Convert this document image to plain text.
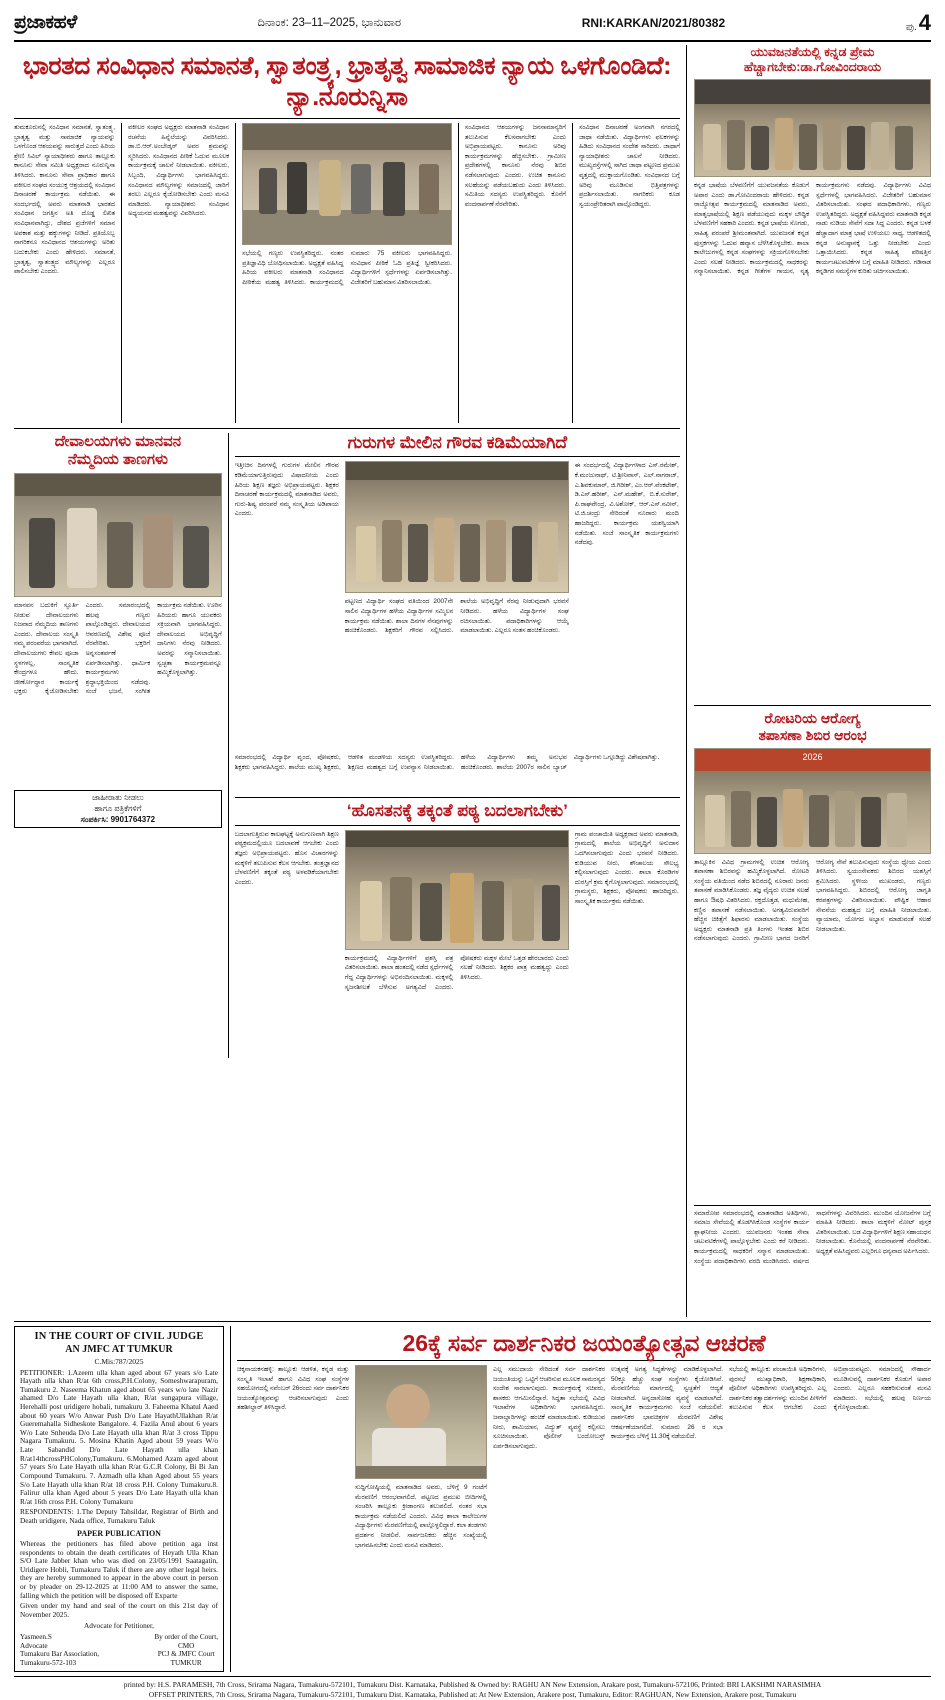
ಪ್ರಜಾಕಹಳೆ	ದಿನಾಂಕ: 23–11–2025, ಭಾನುವಾರ	RNI:KARKAN/2021/80382	ಪು. 4
ಭಾರತದ ಸಂವಿಧಾನ ಸಮಾನತೆ, ಸ್ವಾತಂತ್ರ್ಯ, ಭ್ರಾತೃತ್ವ ಸಾಮಾಜಿಕ ನ್ಯಾಯ ಒಳಗೊಂಡಿದೆ: ನ್ಯಾ.ನೂರುನ್ನಿಸಾ
ತುಮಕೂರುನಲ್ಲಿ ಸಂವಿಧಾನ ಸಮಾನತೆ, ಸ್ವಾತಂತ್ರ್ಯ, ಭ್ರಾತೃತ್ವ ಮತ್ತು ಸಾಮಾಜಿಕ ನ್ಯಾಯವನ್ನು ಒಳಗೊಂಡ ಆಶಯವನ್ನು ಸಾರುತ್ತದೆ ಎಂದು ಹಿರಿಯ ಶ್ರೇಣಿ ಸಿವಿಲ್ ನ್ಯಾಯಾಧೀಶರು ಹಾಗೂ ತಾಲ್ಲೂಕು ಕಾನೂನು ಸೇವಾ ಸಮಿತಿ ಅಧ್ಯಕ್ಷರಾದ ನೂರುನ್ನಿಸಾ ತಿಳಿಸಿದರು. ಕಾನೂನು ಸೇವಾ ಪ್ರಾಧಿಕಾರ ಹಾಗೂ ವಕೀಲರ ಸಂಘದ ಸಂಯುಕ್ತ ಆಶ್ರಯದಲ್ಲಿ ಸಂವಿಧಾನ ದಿನಾಚರಣೆ ಕಾರ್ಯಕ್ರಮ ನಡೆಯಿತು. ಈ ಸಂದರ್ಭದಲ್ಲಿ ಅವರು ಮಾತನಾಡಿ ಭಾರತದ ಸಂವಿಧಾನ ಜಗತ್ತಿನ ಅತಿ ದೊಡ್ಡ ಲಿಖಿತ ಸಂವಿಧಾನವಾಗಿದ್ದು, ದೇಶದ ಪ್ರಜೆಗಳಿಗೆ ಸಮಾನ ಅವಕಾಶ ಮತ್ತು ಹಕ್ಕುಗಳನ್ನು ನೀಡಿದೆ. ಪ್ರತಿಯೊಬ್ಬ ನಾಗರಿಕನೂ ಸಂವಿಧಾನದ ಆಶಯಗಳನ್ನು ಅರಿತು ಬದುಕಬೇಕು ಎಂದು ಹೇಳಿದರು. ಸಮಾನತೆ, ಭ್ರಾತೃತ್ವ, ಸ್ವಾತಂತ್ರ್ಯದ ಮೌಲ್ಯಗಳನ್ನು ಎಲ್ಲರೂ ಪಾಲಿಸಬೇಕು ಎಂದರು.
ವಕೀಲರ ಸಂಘದ ಅಧ್ಯಕ್ಷರು ಮಾತನಾಡಿ ಸಂವಿಧಾನ ರಚನೆಯ ಹಿನ್ನೆಲೆಯನ್ನು ವಿವರಿಸಿದರು. ಡಾ.ಬಿ.ಆರ್.ಅಂಬೇಡ್ಕರ್ ಅವರ ಶ್ರಮವನ್ನು ಸ್ಮರಿಸಿದರು. ಸಂವಿಧಾನದ ಪೀಠಿಕೆ ಓದುವ ಮೂಲಕ ಕಾರ್ಯಕ್ರಮಕ್ಕೆ ಚಾಲನೆ ನೀಡಲಾಯಿತು. ವಕೀಲರು, ಸಿಬ್ಬಂದಿ, ವಿದ್ಯಾರ್ಥಿಗಳು ಭಾಗವಹಿಸಿದ್ದರು. ಸಂವಿಧಾನದ ಮೌಲ್ಯಗಳನ್ನು ಸಮಾಜದಲ್ಲಿ ಜಾರಿಗೆ ತರಲು ಎಲ್ಲರೂ ಕೈಜೋಡಿಸಬೇಕು ಎಂದು ಮನವಿ ಮಾಡಿದರು. ನ್ಯಾಯಾಧೀಶರು ಸಂವಿಧಾನ ಅಧ್ಯಯನದ ಮಹತ್ವವನ್ನು ವಿವರಿಸಿದರು.
ಸಭೆಯಲ್ಲಿ ಗಣ್ಯರು ಉಪಸ್ಥಿತರಿದ್ದರು. ನಂತರ ಪ್ರತಿಜ್ಞಾವಿಧಿ ಬೋಧಿಸಲಾಯಿತು. ಅಧ್ಯಕ್ಷತೆ ವಹಿಸಿದ್ದ ಹಿರಿಯ ವಕೀಲರು ಮಾತನಾಡಿ ಸಂವಿಧಾನದ ಪೀಠಿಕೆಯ ಮಹತ್ವ ತಿಳಿಸಿದರು. ಕಾರ್ಯಕ್ರಮದಲ್ಲಿ ಸುಮಾರು 75 ವಕೀಲರು ಭಾಗವಹಿಸಿದ್ದರು. ಸಂವಿಧಾನ ಪೀಠಿಕೆ ಓದಿ ಪ್ರತಿಜ್ಞೆ ಸ್ವೀಕರಿಸಿದರು. ವಿದ್ಯಾರ್ಥಿಗಳಿಗೆ ಸ್ಪರ್ಧೆಗಳನ್ನು ಏರ್ಪಡಿಸಲಾಗಿತ್ತು. ವಿಜೇತರಿಗೆ ಬಹುಮಾನ ವಿತರಿಸಲಾಯಿತು.
ಸಂವಿಧಾನದ ಆಶಯಗಳನ್ನು ಜನಸಾಮಾನ್ಯರಿಗೆ ತಲುಪಿಸುವ ಕೆಲಸವಾಗಬೇಕು ಎಂದು ಅಭಿಪ್ರಾಯಪಟ್ಟರು. ಕಾನೂನು ಅರಿವು ಕಾರ್ಯಕ್ರಮಗಳನ್ನು ಹೆಚ್ಚಿಸಬೇಕು. ಗ್ರಾಮೀಣ ಪ್ರದೇಶಗಳಲ್ಲಿ ಕಾನೂನು ನೆರವು ಶಿಬಿರ ನಡೆಸಲಾಗುವುದು ಎಂದರು. ಉಚಿತ ಕಾನೂನು ಸಲಹೆಯನ್ನು ಪಡೆಯಬಹುದು ಎಂದು ತಿಳಿಸಿದರು. ಸಮಿತಿಯ ಸದಸ್ಯರು ಉಪಸ್ಥಿತರಿದ್ದರು. ಕೊನೆಗೆ ವಂದನಾರ್ಪಣೆ ನೆರವೇರಿತು.
ಸಂವಿಧಾನ ದಿನಾಚರಣೆ ಅಂಗವಾಗಿ ನಗರದಲ್ಲಿ ಜಾಥಾ ನಡೆಯಿತು. ವಿದ್ಯಾರ್ಥಿಗಳು ಫಲಕಗಳನ್ನು ಹಿಡಿದು ಸಂವಿಧಾನದ ಸಂದೇಶ ಸಾರಿದರು. ಜಾಥಾಗೆ ನ್ಯಾಯಾಧೀಶರು ಚಾಲನೆ ನೀಡಿದರು. ಮುಖ್ಯರಸ್ತೆಗಳಲ್ಲಿ ಸಾಗಿದ ಜಾಥಾ ಪಟ್ಟಣದ ಪ್ರಮುಖ ವೃತ್ತದಲ್ಲಿ ಮುಕ್ತಾಯಗೊಂಡಿತು. ಸಂವಿಧಾನದ ಬಗ್ಗೆ ಅರಿವು ಮೂಡಿಸುವ ಭಿತ್ತಿಪತ್ರಗಳನ್ನು ಪ್ರದರ್ಶಿಸಲಾಯಿತು. ನಾಗರಿಕರು ಕೂಡ ಸ್ವಯಂಪ್ರೇರಿತರಾಗಿ ಪಾಲ್ಗೊಂಡಿದ್ದರು.
ದೇವಾಲಯಗಳು ಮಾನವನ
ನೆಮ್ಮದಿಯ ತಾಣಗಳು
ಮಾನವನ ಬದುಕಿಗೆ ಸ್ಫೂರ್ತಿ ನೀಡುವ ದೇವಾಲಯಗಳು ನಿಜವಾದ ನೆಮ್ಮದಿಯ ತಾಣಗಳು ಎಂದರು. ದೇವಾಲಯ ಸಂಸ್ಕೃತಿ ನಮ್ಮ ಪರಂಪರೆಯ ಭಾಗವಾಗಿದೆ. ದೇವಾಲಯಗಳು ಕೇವಲ ಪೂಜಾ ಸ್ಥಳಗಳಲ್ಲ, ಸಾಂಸ್ಕೃತಿಕ ಕೇಂದ್ರಗಳೂ ಹೌದು. ಜೀರ್ಣೋದ್ಧಾರ ಕಾರ್ಯಕ್ಕೆ ಭಕ್ತರು ಕೈಜೋಡಿಸಬೇಕು ಎಂದರು. ಸಮಾರಂಭದಲ್ಲಿ ಹಲವು ಗಣ್ಯರು ಪಾಲ್ಗೊಂಡಿದ್ದರು. ದೇವಾಲಯದ ಆವರಣದಲ್ಲಿ ವಿಶೇಷ ಪೂಜೆ ನೆರವೇರಿತು. ಭಕ್ತರಿಗೆ ಅನ್ನಸಂತರ್ಪಣೆ ಏರ್ಪಡಿಸಲಾಗಿತ್ತು. ಧಾರ್ಮಿಕ ಕಾರ್ಯಕ್ರಮಗಳು ಶ್ರದ್ಧಾಭಕ್ತಿಯಿಂದ ನಡೆದವು. ಸಂಜೆ ಭಜನೆ, ಸಂಗೀತ ಕಾರ್ಯಕ್ರಮ ನಡೆಯಿತು. ಊರಿನ ಹಿರಿಯರು ಹಾಗೂ ಯುವಕರು ಸಕ್ರಿಯವಾಗಿ ಭಾಗವಹಿಸಿದ್ದರು. ದೇವಾಲಯದ ಅಭಿವೃದ್ಧಿಗೆ ದಾನಿಗಳು ನೆರವು ನೀಡಿದರು. ಅವರನ್ನು ಸನ್ಮಾನಿಸಲಾಯಿತು. ಸ್ವಚ್ಛತಾ ಕಾರ್ಯಕ್ರಮವನ್ನೂ ಹಮ್ಮಿಕೊಳ್ಳಲಾಗಿತ್ತು.
ಜಾಹೀರಾತು ನೀಡಲು
ಹಾಗೂ ಪತ್ರಿಕೆಗಳಿಗೆ
ಸಂಪರ್ಕಿಸಿ: 9901764372
ಗುರುಗಳ ಮೇಲಿನ ಗೌರವ ಕಡಿಮೆಯಾಗಿದೆ
ಇತ್ತೀಚಿನ ದಿನಗಳಲ್ಲಿ ಗುರುಗಳ ಮೇಲಿನ ಗೌರವ ಕಡಿಮೆಯಾಗುತ್ತಿರುವುದು ವಿಷಾದನೀಯ ಎಂದು ಹಿರಿಯ ಶಿಕ್ಷಣ ತಜ್ಞರು ಅಭಿಪ್ರಾಯಪಟ್ಟರು. ಶಿಕ್ಷಕರ ದಿನಾಚರಣೆ ಕಾರ್ಯಕ್ರಮದಲ್ಲಿ ಮಾತನಾಡಿದ ಅವರು, ಗುರು-ಶಿಷ್ಯ ಪರಂಪರೆ ನಮ್ಮ ಸಂಸ್ಕೃತಿಯ ಅಡಿಪಾಯ ಎಂದರು.
ಪಟ್ಟಣದ ವಿದ್ಯಾರ್ಥಿ ಸಂಘದ ವತಿಯಿಂದ 2007ನೇ ಸಾಲಿನ ವಿದ್ಯಾರ್ಥಿಗಳ ಹಳೆಯ ವಿದ್ಯಾರ್ಥಿಗಳ ಸಮ್ಮಿಲನ ಕಾರ್ಯಕ್ರಮ ನಡೆಯಿತು. ಶಾಲಾ ದಿನಗಳ ನೆನಪುಗಳನ್ನು ಹಂಚಿಕೊಂಡರು. ಶಿಕ್ಷಕರಿಗೆ ಗೌರವ ಸಲ್ಲಿಸಿದರು. ಶಾಲೆಯ ಅಭಿವೃದ್ಧಿಗೆ ನೆರವು ನೀಡುವುದಾಗಿ ಭರವಸೆ ನೀಡಿದರು. ಹಳೆಯ ವಿದ್ಯಾರ್ಥಿಗಳ ಸಂಘ ರಚಿಸಲಾಯಿತು. ಪದಾಧಿಕಾರಿಗಳನ್ನು ಆಯ್ಕೆ ಮಾಡಲಾಯಿತು. ಎಲ್ಲರೂ ಸಂತಸ ಹಂಚಿಕೊಂಡರು.
ಈ ಸಂದರ್ಭದಲ್ಲಿ ವಿದ್ಯಾರ್ಥಿಗಳಾದ ಎಸ್.ರಮೇಶ್, ಕೆ.ಮಂಜುನಾಥ್, ಟಿ.ಶ್ರೀನಿವಾಸ್, ಎಲ್.ನಾಗರಾಜ್, ಎ.ಶಿವಕುಮಾರ್, ಜಿ.ಗಿರೀಶ್, ಎಂ.ಆರ್.ವೆಂಕಟೇಶ್, ಡಿ.ಎಸ್.ಹರೀಶ್, ಎನ್.ಮಹೇಶ್, ಬಿ.ಕೆ.ಸುರೇಶ್, ಪಿ.ರಾಘವೇಂದ್ರ, ವಿ.ಅಶೋಕ್, ಆರ್.ಎಸ್.ನವೀನ್, ಟಿ.ಜಿ.ಚಂದ್ರು ಸೇರಿದಂತೆ ನೂರಾರು ಮಂದಿ ಹಾಜರಿದ್ದರು. ಕಾರ್ಯಕ್ರಮ ಯಶಸ್ವಿಯಾಗಿ ನಡೆಯಿತು. ಸಂಜೆ ಸಾಂಸ್ಕೃತಿಕ ಕಾರ್ಯಕ್ರಮಗಳು ನಡೆದವು.
ಸಮಾರಂಭದಲ್ಲಿ ವಿದ್ಯಾರ್ಥಿ ವೃಂದ, ಪೋಷಕರು, ಶಿಕ್ಷಕರು ಭಾಗವಹಿಸಿದ್ದರು. ಶಾಲೆಯ ಮುಖ್ಯ ಶಿಕ್ಷಕರು, ಆಡಳಿತ ಮಂಡಳಿಯ ಸದಸ್ಯರು ಉಪಸ್ಥಿತರಿದ್ದರು. ಶಿಕ್ಷಣದ ಮಹತ್ವದ ಬಗ್ಗೆ ಉಪನ್ಯಾಸ ನೀಡಲಾಯಿತು. ಹಳೆಯ ವಿದ್ಯಾರ್ಥಿಗಳು ತಮ್ಮ ಅನುಭವ ಹಂಚಿಕೊಂಡರು. ಶಾಲೆಯ 2007ರ ಸಾಲಿನ ಬ್ಯಾಚ್ ವಿದ್ಯಾರ್ಥಿಗಳು ಒಗ್ಗೂಡಿದ್ದು ವಿಶೇಷವಾಗಿತ್ತು.
‘ಹೊಸತನಕ್ಕೆ ತಕ್ಕಂತೆ ಪಠ್ಯ ಬದಲಾಗಬೇಕು’
ಬದಲಾಗುತ್ತಿರುವ ಕಾಲಘಟ್ಟಕ್ಕೆ ಅನುಗುಣವಾಗಿ ಶಿಕ್ಷಣ ಪಠ್ಯಕ್ರಮದಲ್ಲಿಯೂ ಬದಲಾವಣೆ ಆಗಬೇಕು ಎಂದು ತಜ್ಞರು ಅಭಿಪ್ರಾಯಪಟ್ಟರು. ಹೊಸ ವಿಚಾರಗಳನ್ನು ಮಕ್ಕಳಿಗೆ ತಲುಪಿಸುವ ಕೆಲಸ ಆಗಬೇಕು. ತಂತ್ರಜ್ಞಾನದ ಬೆಳವಣಿಗೆಗೆ ತಕ್ಕಂತೆ ಪಠ್ಯ ಅಳವಡಿಕೆಯಾಗಬೇಕು ಎಂದರು.
ಕಾರ್ಯಕ್ರಮದಲ್ಲಿ ವಿದ್ಯಾರ್ಥಿಗಳಿಗೆ ಪ್ರಶಸ್ತಿ ಪತ್ರ ವಿತರಿಸಲಾಯಿತು. ಶಾಲಾ ಹಂತದಲ್ಲಿ ನಡೆದ ಸ್ಪರ್ಧೆಗಳಲ್ಲಿ ಗೆದ್ದ ವಿದ್ಯಾರ್ಥಿಗಳನ್ನು ಅಭಿನಂದಿಸಲಾಯಿತು. ಮಕ್ಕಳಲ್ಲಿ ಸೃಜನಶೀಲತೆ ಬೆಳೆಸುವ ಅಗತ್ಯವಿದೆ ಎಂದರು. ಪೋಷಕರು ಮಕ್ಕಳ ಮೇಲೆ ಒತ್ತಡ ಹೇರಬಾರದು ಎಂದು ಸಲಹೆ ನೀಡಿದರು. ಶಿಕ್ಷಕರ ಪಾತ್ರ ಮಹತ್ವದ್ದು ಎಂದು ತಿಳಿಸಿದರು.
ಗ್ರಾಮ ಪಂಚಾಯಿತಿ ಅಧ್ಯಕ್ಷರಾದ ಅವರು ಮಾತನಾಡಿ, ಗ್ರಾಮದಲ್ಲಿ ಶಾಲೆಯ ಅಭಿವೃದ್ಧಿಗೆ ಅನುದಾನ ಒದಗಿಸಲಾಗುವುದು ಎಂದು ಭರವಸೆ ನೀಡಿದರು. ಕುಡಿಯುವ ನೀರು, ಶೌಚಾಲಯ ಸೌಲಭ್ಯ ಕಲ್ಪಿಸಲಾಗುವುದು ಎಂದರು. ಶಾಲಾ ಕೊಠಡಿಗಳ ದುರಸ್ತಿಗೆ ಕ್ರಮ ಕೈಗೊಳ್ಳಲಾಗುವುದು. ಸಮಾರಂಭದಲ್ಲಿ ಗ್ರಾಮಸ್ಥರು, ಶಿಕ್ಷಕರು, ಪೋಷಕರು ಹಾಜರಿದ್ದರು. ಸಾಂಸ್ಕೃತಿಕ ಕಾರ್ಯಕ್ರಮ ನಡೆಯಿತು.
ಯುವಜನತೆಯಲ್ಲಿ ಕನ್ನಡ ಪ್ರೇಮ ಹೆಚ್ಚಾಗಬೇಕು:ಡಾ.ಗೋವಿಂದರಾಯ
ಕನ್ನಡ ಭಾಷೆಯ ಬೆಳವಣಿಗೆಗೆ ಯುವಜನತೆಯ ಕೊಡುಗೆ ಅಪಾರ ಎಂದು ಡಾ.ಗೋವಿಂದರಾಯ ಹೇಳಿದರು. ಕನ್ನಡ ರಾಜ್ಯೋತ್ಸವ ಕಾರ್ಯಕ್ರಮದಲ್ಲಿ ಮಾತನಾಡಿದ ಅವರು, ಮಾತೃಭಾಷೆಯಲ್ಲಿ ಶಿಕ್ಷಣ ಪಡೆಯುವುದು ಮಕ್ಕಳ ಬೌದ್ಧಿಕ ಬೆಳವಣಿಗೆಗೆ ಸಹಕಾರಿ ಎಂದರು. ಕನ್ನಡ ಭಾಷೆಯ ಸೊಗಡು, ಸಾಹಿತ್ಯ ಪರಂಪರೆ ಶ್ರೀಮಂತವಾಗಿದೆ. ಯುವಜನತೆ ಕನ್ನಡ ಪುಸ್ತಕಗಳನ್ನು ಓದುವ ಹವ್ಯಾಸ ಬೆಳೆಸಿಕೊಳ್ಳಬೇಕು. ಶಾಲಾ ಕಾಲೇಜುಗಳಲ್ಲಿ ಕನ್ನಡ ಸಂಘಗಳನ್ನು ಸಕ್ರಿಯಗೊಳಿಸಬೇಕು ಎಂದು ಸಲಹೆ ನೀಡಿದರು. ಕಾರ್ಯಕ್ರಮದಲ್ಲಿ ಸಾಧಕರನ್ನು ಸನ್ಮಾನಿಸಲಾಯಿತು. ಕನ್ನಡ ಗೀತೆಗಳ ಗಾಯನ, ನೃತ್ಯ ಕಾರ್ಯಕ್ರಮಗಳು ನಡೆದವು. ವಿದ್ಯಾರ್ಥಿಗಳು ವಿವಿಧ ಸ್ಪರ್ಧೆಗಳಲ್ಲಿ ಭಾಗವಹಿಸಿದರು. ವಿಜೇತರಿಗೆ ಬಹುಮಾನ ವಿತರಿಸಲಾಯಿತು. ಸಂಘದ ಪದಾಧಿಕಾರಿಗಳು, ಗಣ್ಯರು ಉಪಸ್ಥಿತರಿದ್ದರು. ಅಧ್ಯಕ್ಷತೆ ವಹಿಸಿದ್ದವರು ಮಾತನಾಡಿ ಕನ್ನಡ ನಾಡು ನುಡಿಯ ಸೇವೆಗೆ ಸದಾ ಸಿದ್ಧ ಎಂದರು. ಕನ್ನಡ ಬಳಕೆ ಹೆಚ್ಚಾದಾಗ ಮಾತ್ರ ಭಾಷೆ ಉಳಿಯಲು ಸಾಧ್ಯ. ಆಡಳಿತದಲ್ಲಿ ಕನ್ನಡ ಅನುಷ್ಠಾನಕ್ಕೆ ಒತ್ತು ನೀಡಬೇಕು ಎಂದು ಒತ್ತಾಯಿಸಿದರು. ಕನ್ನಡ ಸಾಹಿತ್ಯ ಪರಿಷತ್ತಿನ ಕಾರ್ಯಚಟುವಟಿಕೆಗಳ ಬಗ್ಗೆ ಮಾಹಿತಿ ನೀಡಿದರು. ಗಡಿನಾಡ ಕನ್ನಡಿಗರ ಸಮಸ್ಯೆಗಳ ಕುರಿತು ಚರ್ಚಿಸಲಾಯಿತು.
ರೋಟರಿಯ ಆರೋಗ್ಯ
ತಪಾಸಣಾ ಶಿಬಿರ ಆರಂಭ
2026
ತಾಲ್ಲೂಕಿನ ವಿವಿಧ ಗ್ರಾಮಗಳಲ್ಲಿ ಉಚಿತ ಆರೋಗ್ಯ ತಪಾಸಣಾ ಶಿಬಿರವನ್ನು ಹಮ್ಮಿಕೊಳ್ಳಲಾಗಿದೆ. ರೋಟರಿ ಸಂಸ್ಥೆಯ ವತಿಯಿಂದ ನಡೆದ ಶಿಬಿರದಲ್ಲಿ ನೂರಾರು ಜನರು ತಪಾಸಣೆ ಮಾಡಿಸಿಕೊಂಡರು. ತಜ್ಞ ವೈದ್ಯರು ಉಚಿತ ಸಲಹೆ ಹಾಗೂ ಔಷಧಿ ವಿತರಿಸಿದರು. ರಕ್ತದೊತ್ತಡ, ಮಧುಮೇಹ, ಕಣ್ಣಿನ ತಪಾಸಣೆ ನಡೆಸಲಾಯಿತು. ಅಗತ್ಯವಿರುವವರಿಗೆ ಹೆಚ್ಚಿನ ಚಿಕಿತ್ಸೆಗೆ ಶಿಫಾರಸು ಮಾಡಲಾಯಿತು. ಸಂಸ್ಥೆಯ ಅಧ್ಯಕ್ಷರು ಮಾತನಾಡಿ ಪ್ರತಿ ತಿಂಗಳು ಇಂತಹ ಶಿಬಿರ ನಡೆಸಲಾಗುವುದು ಎಂದರು. ಗ್ರಾಮೀಣ ಭಾಗದ ಜನರಿಗೆ ಆರೋಗ್ಯ ಸೇವೆ ತಲುಪಿಸುವುದು ಸಂಸ್ಥೆಯ ಧ್ಯೇಯ ಎಂದು ತಿಳಿಸಿದರು. ಸ್ವಯಂಸೇವಕರು ಶಿಬಿರದ ಯಶಸ್ಸಿಗೆ ಶ್ರಮಿಸಿದರು. ಸ್ಥಳೀಯ ಮುಖಂಡರು, ಗಣ್ಯರು ಭಾಗವಹಿಸಿದ್ದರು. ಶಿಬಿರದಲ್ಲಿ ಆರೋಗ್ಯ ಜಾಗೃತಿ ಕರಪತ್ರಗಳನ್ನು ವಿತರಿಸಲಾಯಿತು. ಪೌಷ್ಟಿಕ ಆಹಾರ ಸೇವನೆಯ ಮಹತ್ವದ ಬಗ್ಗೆ ಮಾಹಿತಿ ನೀಡಲಾಯಿತು. ವ್ಯಾಯಾಮ, ಯೋಗದ ಅಭ್ಯಾಸ ಮಾಡುವಂತೆ ಸಲಹೆ ನೀಡಲಾಯಿತು.
ಸಮಾರೋಪ ಸಮಾರಂಭದಲ್ಲಿ ಮಾತನಾಡಿದ ಅತಿಥಿಗಳು, ಸಮಾಜ ಸೇವೆಯಲ್ಲಿ ತೊಡಗಿಸಿಕೊಂಡ ಸಂಸ್ಥೆಗಳ ಕಾರ್ಯ ಶ್ಲಾಘನೀಯ ಎಂದರು. ಯುವಜನರು ಇಂತಹ ಸೇವಾ ಚಟುವಟಿಕೆಗಳಲ್ಲಿ ಪಾಲ್ಗೊಳ್ಳಬೇಕು ಎಂದು ಕರೆ ನೀಡಿದರು. ಕಾರ್ಯಕ್ರಮದಲ್ಲಿ ಸಾಧಕರಿಗೆ ಸನ್ಮಾನ ಮಾಡಲಾಯಿತು. ಸಂಸ್ಥೆಯ ಪದಾಧಿಕಾರಿಗಳು ವರದಿ ಮಂಡಿಸಿದರು. ವರ್ಷದ ಸಾಧನೆಗಳನ್ನು ವಿವರಿಸಿದರು. ಮುಂದಿನ ಯೋಜನೆಗಳ ಬಗ್ಗೆ ಮಾಹಿತಿ ನೀಡಿದರು. ಶಾಲಾ ಮಕ್ಕಳಿಗೆ ನೋಟ್ ಪುಸ್ತಕ ವಿತರಿಸಲಾಯಿತು. ಬಡ ವಿದ್ಯಾರ್ಥಿಗಳಿಗೆ ಶಿಕ್ಷಣ ಸಹಾಯಧನ ನೀಡಲಾಯಿತು. ಕೊನೆಯಲ್ಲಿ ವಂದನಾರ್ಪಣೆ ನೆರವೇರಿತು. ಅಧ್ಯಕ್ಷತೆ ವಹಿಸಿದ್ದವರು ಎಲ್ಲರಿಗೂ ಧನ್ಯವಾದ ಅರ್ಪಿಸಿದರು.
IN THE COURT OF CIVIL JUDGE
AN JMFC AT TUMKUR
C.Mis:787/2025
PETITIONER: 1.Azeem ulla khan aged about 67 years s/o Late Hayath ulla khan R/at 6th cross,P.H.Colony, Someshwarapuram, Tumakuru 2. Naseema Khatun aged about 65 years w/o late Nazir ahamed D/o Late Hayath ulla khan, R/at sungapura village, Herehalli post uridigere hobali, tumakuru 3. Faheema Khatul Aaed about 60 years W/o Anwar Push D/o Late HayathUllakhan R/at Gueremahalla Sidheskote Bangalore. 4. Fazila Anul about 6 years W/o Late Snheuda D/o Late Hayath ulla khan R/at 3 cross Tippu Nagara Tumakuru. 5. Mosina Khatin Aged about 59 years W/o Late Sabandid D/o Late Hayath ulla khan R/at14thcrossPHColony,Tumakuru. 6.Mohamed Azam aged about 57 years S/o Late Hayath ulla khan R/at G.C.R Colony, Bi Bi Jan Compound Tumakuru. 7. Azmadh ulla khan Aged about 55 years S/o Late Hayath ulla khan R/at 18 cross P.H. Colony Tumakuru.8. Falirur ulla khan Aged about 5 years D/o Late Hayath ulla khan R/at 16th cross P.H. Colony Tumakuru
RESPONDENTS: 1.The Deputy Tahsildar, Registrar of Birth and Death uridigere, Nada office, Tumakuru Taluk
PAPER PUBLICATION
Whereas the petitioners has filed above petition aga inst respondents to obtain the death certificates of Heyath Ulla Khan S/O Late Jabber khan who was died on 23/05/1991 Saatagatin, Uridigere Hobli, Tumakuru Taluk if there are any other legal heirs. they are hereby summoned to appear in the above court in person or by pleader on 29-12-2025 at 11:00 AM to answer the same, falling which the petition will be disposed off Exparte
Given under my hand and seal of the court on this 21st day of November 2025.
Advocate for Petitioner,
Yasmeen.S
Advocate
Tumakuru Bar Association,
Tumakuru-572-103
By order of the Court,
CMO
PCJ & JMFC Court
TUMKUR
26ಕ್ಕೆ ಸರ್ವ ದಾರ್ಶನಿಕರ ಜಯಂತ್ಯೋತ್ಸವ ಆಚರಣೆ
ಚಿಕ್ಕನಾಯಕನಹಳ್ಳಿ: ತಾಲ್ಲೂಕು ಆಡಳಿತ, ಕನ್ನಡ ಮತ್ತು ಸಂಸ್ಕೃತಿ ಇಲಾಖೆ ಹಾಗೂ ವಿವಿಧ ಸಂಘ ಸಂಸ್ಥೆಗಳ ಸಹಯೋಗದಲ್ಲಿ ನವೆಂಬರ್ 26ರಂದು ಸರ್ವ ದಾರ್ಶನಿಕರ ಜಯಂತ್ಯೋತ್ಸವವನ್ನು ಆಚರಿಸಲಾಗುವುದು ಎಂದು ತಹಶೀಲ್ದಾರ್ ತಿಳಿಸಿದ್ದಾರೆ.
ಸುದ್ದಿಗೋಷ್ಠಿಯಲ್ಲಿ ಮಾತನಾಡಿದ ಅವರು, ಬೆಳಿಗ್ಗೆ 9 ಗಂಟೆಗೆ ಮೆರವಣಿಗೆ ಆರಂಭವಾಗಲಿದೆ. ಪಟ್ಟಣದ ಪ್ರಮುಖ ಬೀದಿಗಳಲ್ಲಿ ಸಂಚರಿಸಿ ತಾಲ್ಲೂಕು ಕ್ರೀಡಾಂಗಣ ತಲುಪಲಿದೆ. ನಂತರ ಸಭಾ ಕಾರ್ಯಕ್ರಮ ನಡೆಯಲಿದೆ ಎಂದರು. ವಿವಿಧ ಶಾಲಾ ಕಾಲೇಜುಗಳ ವಿದ್ಯಾರ್ಥಿಗಳು ಮೆರವಣಿಗೆಯಲ್ಲಿ ಪಾಲ್ಗೊಳ್ಳಲಿದ್ದಾರೆ. ಕಲಾ ತಂಡಗಳು ಪ್ರದರ್ಶನ ನೀಡಲಿವೆ. ಸಾರ್ವಜನಿಕರು ಹೆಚ್ಚಿನ ಸಂಖ್ಯೆಯಲ್ಲಿ ಭಾಗವಹಿಸಬೇಕು ಎಂದು ಮನವಿ ಮಾಡಿದರು.
ಎಲ್ಲ ಸಮುದಾಯ ಸೇರಿದಂತೆ ಸರ್ವ ದಾರ್ಶನಿಕರ ಜಯಂತಿಯನ್ನು ಒಟ್ಟಿಗೆ ಆಚರಿಸುವ ಮೂಲಕ ಸಾಮರಸ್ಯದ ಸಂದೇಶ ಸಾರಲಾಗುವುದು. ಕಾರ್ಯಕ್ರಮಕ್ಕೆ ಸಚಿವರು, ಶಾಸಕರು ಆಗಮಿಸಲಿದ್ದಾರೆ. ಸಿದ್ಧತಾ ಸಭೆಯಲ್ಲಿ ವಿವಿಧ ಇಲಾಖೆಗಳ ಅಧಿಕಾರಿಗಳು ಭಾಗವಹಿಸಿದ್ದರು. ಜವಾಬ್ದಾರಿಗಳನ್ನು ಹಂಚಿಕೆ ಮಾಡಲಾಯಿತು. ಕುಡಿಯುವ ನೀರು, ಶಾಮಿಯಾನ, ವಿದ್ಯುತ್ ವ್ಯವಸ್ಥೆ ಕಲ್ಪಿಸಲು ಸೂಚಿಸಲಾಯಿತು. ಪೊಲೀಸ್ ಬಂದೋಬಸ್ತ್ ಏರ್ಪಡಿಸಲಾಗುವುದು.
ಉತ್ಸವಕ್ಕೆ ಅಗತ್ಯ ಸಿದ್ಧತೆಗಳನ್ನು ಮಾಡಿಕೊಳ್ಳಲಾಗಿದೆ. 50ಕ್ಕೂ ಹೆಚ್ಚು ಸಂಘ ಸಂಸ್ಥೆಗಳು ಕೈಜೋಡಿಸಿವೆ. ಮೆರವಣಿಗೆಯ ಮಾರ್ಗದಲ್ಲಿ ಸ್ವಚ್ಛತೆಗೆ ಆದ್ಯತೆ ನೀಡಲಾಗಿದೆ. ಅನ್ನದಾಸೋಹ ವ್ಯವಸ್ಥೆ ಮಾಡಲಾಗಿದೆ. ಸಾಂಸ್ಕೃತಿಕ ಕಾರ್ಯಕ್ರಮಗಳು ಸಂಜೆ ನಡೆಯಲಿವೆ. ದಾರ್ಶನಿಕರ ಭಾವಚಿತ್ರಗಳ ಮೆರವಣಿಗೆ ವಿಶೇಷ ಆಕರ್ಷಣೆಯಾಗಲಿದೆ. ಸುಮಾರು 26 ರ ಸಭಾ ಕಾರ್ಯಕ್ರಮ ಬೆಳಿಗ್ಗೆ 11.30ಕ್ಕೆ ನಡೆಯಲಿದೆ.
ಸಭೆಯಲ್ಲಿ ತಾಲ್ಲೂಕು ಪಂಚಾಯಿತಿ ಅಧಿಕಾರಿಗಳು, ಪುರಸಭೆ ಮುಖ್ಯಾಧಿಕಾರಿ, ಶಿಕ್ಷಣಾಧಿಕಾರಿ, ಪೊಲೀಸ್ ಅಧಿಕಾರಿಗಳು ಉಪಸ್ಥಿತರಿದ್ದರು. ಎಲ್ಲ ದಾರ್ಶನಿಕರ ತತ್ವಾದರ್ಶಗಳನ್ನು ಮುಂದಿನ ಪೀಳಿಗೆಗೆ ತಲುಪಿಸುವ ಕೆಲಸ ಆಗಬೇಕು ಎಂದು ಅಭಿಪ್ರಾಯಪಟ್ಟರು. ಸಮಾಜದಲ್ಲಿ ಸೌಹಾರ್ದ ಮೂಡಿಸುವಲ್ಲಿ ದಾರ್ಶನಿಕರ ಕೊಡುಗೆ ಅಪಾರ ಎಂದರು. ಎಲ್ಲರೂ ಸಹಕರಿಸುವಂತೆ ಮನವಿ ಮಾಡಿದರು. ಸಭೆಯಲ್ಲಿ ಹಲವು ನಿರ್ಣಯ ಕೈಗೊಳ್ಳಲಾಯಿತು.
printed by: H.S. PARAMESH, 7th Cross, Srirama Nagara, Tumakuru-572101, Tumakuru Dist. Karnataka, Published & Owned by: RAGHU AN New Extension, Arakare post, Tumakuru-572106, Printed: BRI LAKSHMI NARASIMHA
OFFSET PRINTERS, 7th Cross, Srirama Nagara, Tumakuru-572101, Tumakuru Dist. Karnataka, Published at: At New Extension, Arakere post, Tumakuru, Editor: RAGHUAN, New Extension, Arakere post, Tumakuru
